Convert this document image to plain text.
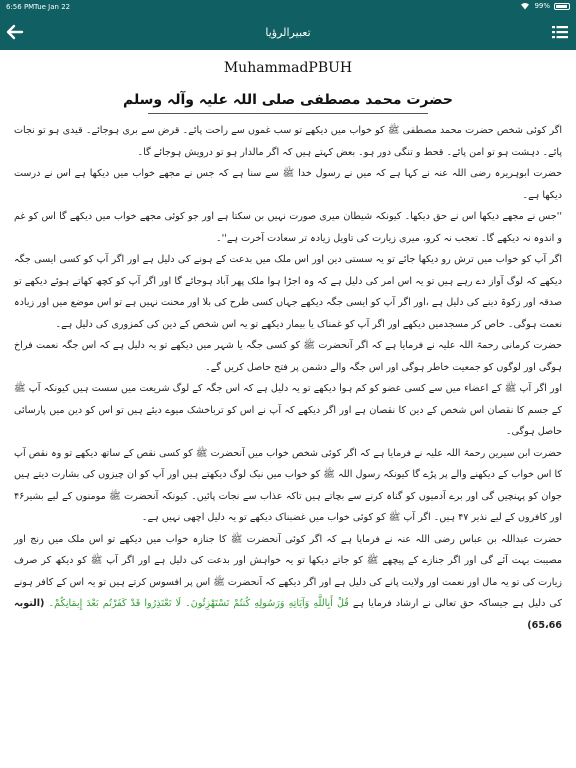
6:56 PM Tue Jan 22	99%
تعبیرالرؤیا
MuhammadPBUH
حضرت محمد مصطفی صلی اللہ علیہ وآلہ وسلم

اگر کوئی شخص حضرت محمد مصطفی ﷺ کو خواب میں دیکھے تو سب غموں سے راحت پائے۔ قرض سے بری ہوجائے۔ قیدی ہو تو نجات پائے۔ دہشت ہو تو امن پائے۔ قحط و تنگی دور ہو۔ بعض کہتے ہیں کہ اگر مالدار ہو تو درویش ہوجائے گا۔

حضرت ابوہریرہ رضی اللہ عنہ نے کہا ہے کہ میں نے رسول خدا ﷺ سے سنا ہے کہ جس نے مجھے خواب میں دیکھا ہے اس نے درست دیکھا ہے۔

''جس نے مجھے دیکھا اس نے حق دیکھا۔ کیونکہ شیطان میری صورت نہیں بن سکتا ہے اور جو کوئی مجھے خواب میں دیکھے گا اس کو غم و اندوہ نہ دیکھے گا۔ تعجب نہ کرو، میری زیارت کی تاویل زیادہ تر سعادت آخرت ہے''۔

اگر آپ کو خواب میں ترش رو دیکھا جائے تو یہ سستی دین اور اس ملک میں بدعت کے ہونے کی دلیل ہے اور اگر آپ کو کسی ایسی جگہ دیکھے کہ لوگ آواز دے رہے ہیں تو یہ اس امر کی دلیل ہے کہ وہ اجڑا ہوا ملک پھر آباد ہوجائے گا اور اگر آپ کو کچھ کھاتے ہوئے دیکھے تو صدقہ اور زکوۃ دینے کی دلیل ہے ،اور اگر آپ کو ایسی جگہ دیکھے جہاں کسی طرح کی بلا اور محنت نہیں ہے تو اس موضع میں اور زیادہ نعمت ہوگی۔ خاص کر مسجدمیں دیکھے اور اگر آپ کو غمناک یا بیمار دیکھے تو یہ اس شخص کے دین کی کمزوری کی دلیل ہے۔

حضرت کرمانی رحمۃ اللہ علیہ نے فرمایا ہے کہ اگر آنحضرت ﷺ کو کسی جگہ یا شہر میں دیکھے تو یہ دلیل ہے کہ اس جگہ نعمت فراخ ہوگی اور لوگوں کو جمعیت خاطر ہوگی اور اس جگہ والے دشمن پر فتح حاصل کریں گے۔

اور اگر آپ ﷺ کے اعضاء میں سے کسی عضو کو کم ہوا دیکھے تو یہ دلیل ہے کہ اس جگہ کے لوگ شریعت میں سست ہیں کیونکہ آپ ﷺ کے جسم کا نقصان اس شخص کے دین کا نقصان ہے اور اگر دیکھے کہ آپ نے اس کو ترباخشک میوے دیئے ہیں تو اس کو دین میں پارسائی حاصل ہوگی۔

حضرت ابن سیرین رحمۃ اللہ علیہ نے فرمایا ہے کہ اگر کوئی شخص خواب میں آنحضرت ﷺ کو کسی نقص کے ساتھ دیکھے تو وہ نقص آپ کا اس خواب کے دیکھنے والے پر پڑے گا کیونکہ رسول اللہ ﷺ کو خواب میں نیک لوگ دیکھتے ہیں اور آپ کو ان چیزوں کی بشارت دیتے ہیں جوان کو پہنچیں گی اور برے آدمیوں کو گناہ کرنے سے بچاتے ہیں تاکہ عذاب سے نجات پائیں۔ کیونکہ آنحضرت ﷺ مومنوں کے لیے بشیر۴۶ اور کافروں کے لیے نذیر ۴۷ ہیں۔ اگر آپ ﷺ کو کوئی خواب میں غضبناک دیکھے تو یہ دلیل اچھی نہیں ہے۔

حضرت عبداللہ بن عباس رضی اللہ عنہ نے فرمایا ہے کہ اگر کوئی آنحضرت ﷺ کا جنازہ خواب میں دیکھے تو اس ملک میں رنج اور مصیبت بہت آئے گی اور اگر جنازے کے پیچھے ﷺ کو جاتے دیکھا تو یہ خواہش اور بدعت کی دلیل ہے اور اگر آپ ﷺ کو دیکھ کر صرف زیارت کی تو یہ مال اور نعمت اور ولایت پانے کی دلیل ہے اور اگر دیکھے کہ آنحضرت ﷺ اس پر افسوس کرتے ہیں تو یہ اس کے کافر ہونے کی دلیل ہے جیساکہ حق تعالی نے ارشاد فرمایا ہے قُلْ أَبِاللَّهِ وَآيَاتِهِ وَرَسُولِهِ كُنتُمْ تَسْتَهْزِئُونَ۔ لَا تَعْتَذِرُوا قَدْ كَفَرْتُم بَعْدَ إِيمَانِكُمْ۔ (التوبہ 65،66)
